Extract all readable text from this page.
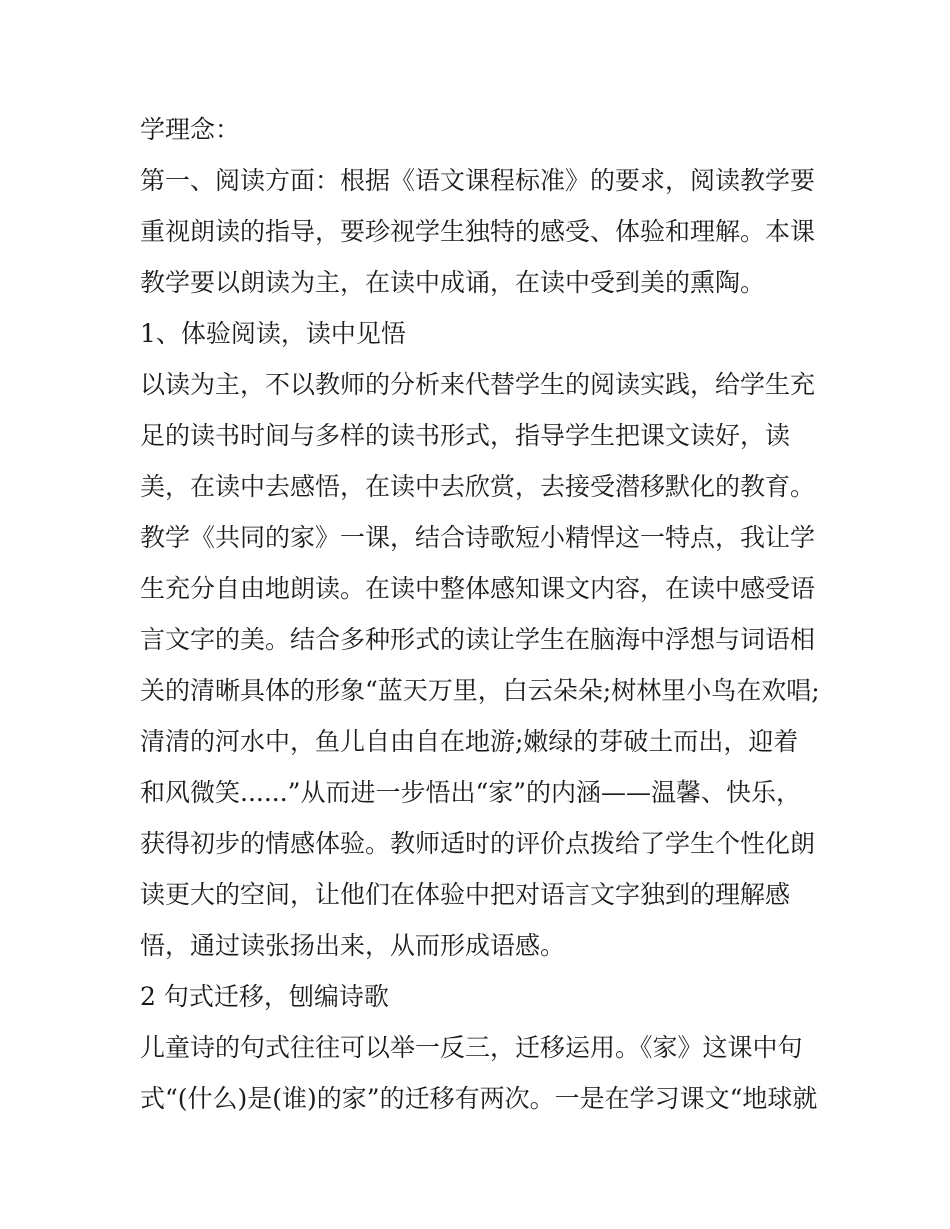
学理念：
第一、阅读方面：根据《语文课程标准》的要求，阅读教学要
重视朗读的指导，要珍视学生独特的感受、体验和理解。本课
教学要以朗读为主，在读中成诵，在读中受到美的熏陶。
1、体验阅读，读中见悟
以读为主，不以教师的分析来代替学生的阅读实践，给学生充
足的读书时间与多样的读书形式，指导学生把课文读好，读
美，在读中去感悟，在读中去欣赏，去接受潜移默化的教育。
教学《共同的家》一课，结合诗歌短小精悍这一特点，我让学
生充分自由地朗读。在读中整体感知课文内容，在读中感受语
言文字的美。结合多种形式的读让学生在脑海中浮想与词语相
关的清晰具体的形象“蓝天万里，白云朵朵;树林里小鸟在欢唱;
清清的河水中，鱼儿自由自在地游;嫩绿的芽破土而出，迎着
和风微笑......”从而进一步悟出“家”的内涵——温馨、快乐，
获得初步的情感体验。教师适时的评价点拨给了学生个性化朗
读更大的空间，让他们在体验中把对语言文字独到的理解感
悟，通过读张扬出来，从而形成语感。
2 句式迁移，刨编诗歌
儿童诗的句式往往可以举一反三，迁移运用。《家》这课中句
式“(什么)是(谁)的家”的迁移有两次。一是在学习课文“地球就
